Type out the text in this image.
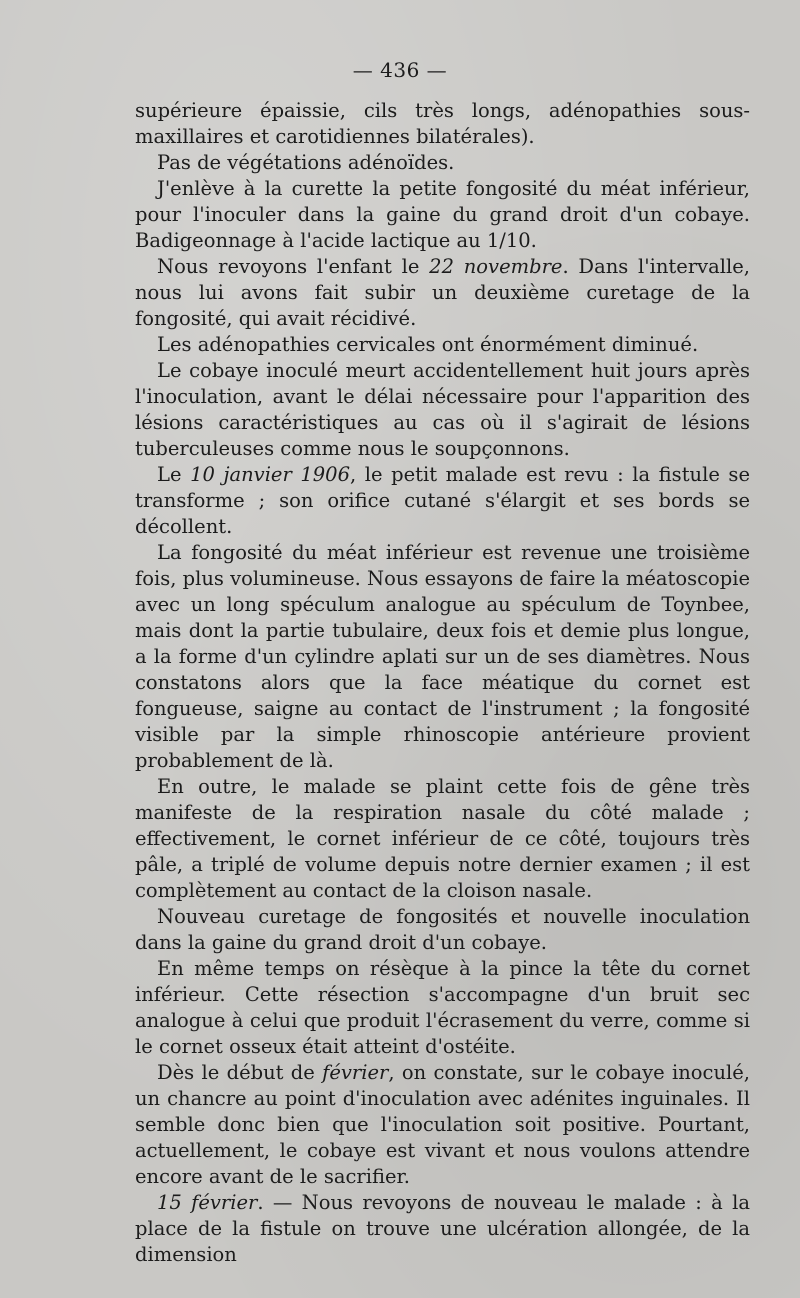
— 436 —

supérieure épaissie, cils très longs, adénopathies sous-maxillaires et carotidiennes bilatérales).

Pas de végétations adénoïdes.

J'enlève à la curette la petite fongosité du méat inférieur, pour l'inoculer dans la gaine du grand droit d'un cobaye. Badigeonnage à l'acide lactique au 1/10.

Nous revoyons l'enfant le 22 novembre. Dans l'intervalle, nous lui avons fait subir un deuxième curetage de la fongosité, qui avait récidivé.

Les adénopathies cervicales ont énormément diminué.

Le cobaye inoculé meurt accidentellement huit jours après l'inoculation, avant le délai nécessaire pour l'apparition des lésions caractéristiques au cas où il s'agirait de lésions tuberculeuses comme nous le soupçonnons.

Le 10 janvier 1906, le petit malade est revu : la fistule se transforme ; son orifice cutané s'élargit et ses bords se décollent.

La fongosité du méat inférieur est revenue une troisième fois, plus volumineuse. Nous essayons de faire la méatoscopie avec un long spéculum analogue au spéculum de Toynbee, mais dont la partie tubulaire, deux fois et demie plus longue, a la forme d'un cylindre aplati sur un de ses diamètres. Nous constatons alors que la face méatique du cornet est fongueuse, saigne au contact de l'instrument ; la fongosité visible par la simple rhinoscopie antérieure provient probablement de là.

En outre, le malade se plaint cette fois de gêne très manifeste de la respiration nasale du côté malade ; effectivement, le cornet inférieur de ce côté, toujours très pâle, a triplé de volume depuis notre dernier examen ; il est complètement au contact de la cloison nasale.

Nouveau curetage de fongosités et nouvelle inoculation dans la gaine du grand droit d'un cobaye.

En même temps on résèque à la pince la tête du cornet inférieur. Cette résection s'accompagne d'un bruit sec analogue à celui que produit l'écrasement du verre, comme si le cornet osseux était atteint d'ostéite.

Dès le début de février, on constate, sur le cobaye inoculé, un chancre au point d'inoculation avec adénites inguinales. Il semble donc bien que l'inoculation soit positive. Pourtant, actuellement, le cobaye est vivant et nous voulons attendre encore avant de le sacrifier.

15 février. — Nous revoyons de nouveau le malade : à la place de la fistule on trouve une ulcération allongée, de la dimension
